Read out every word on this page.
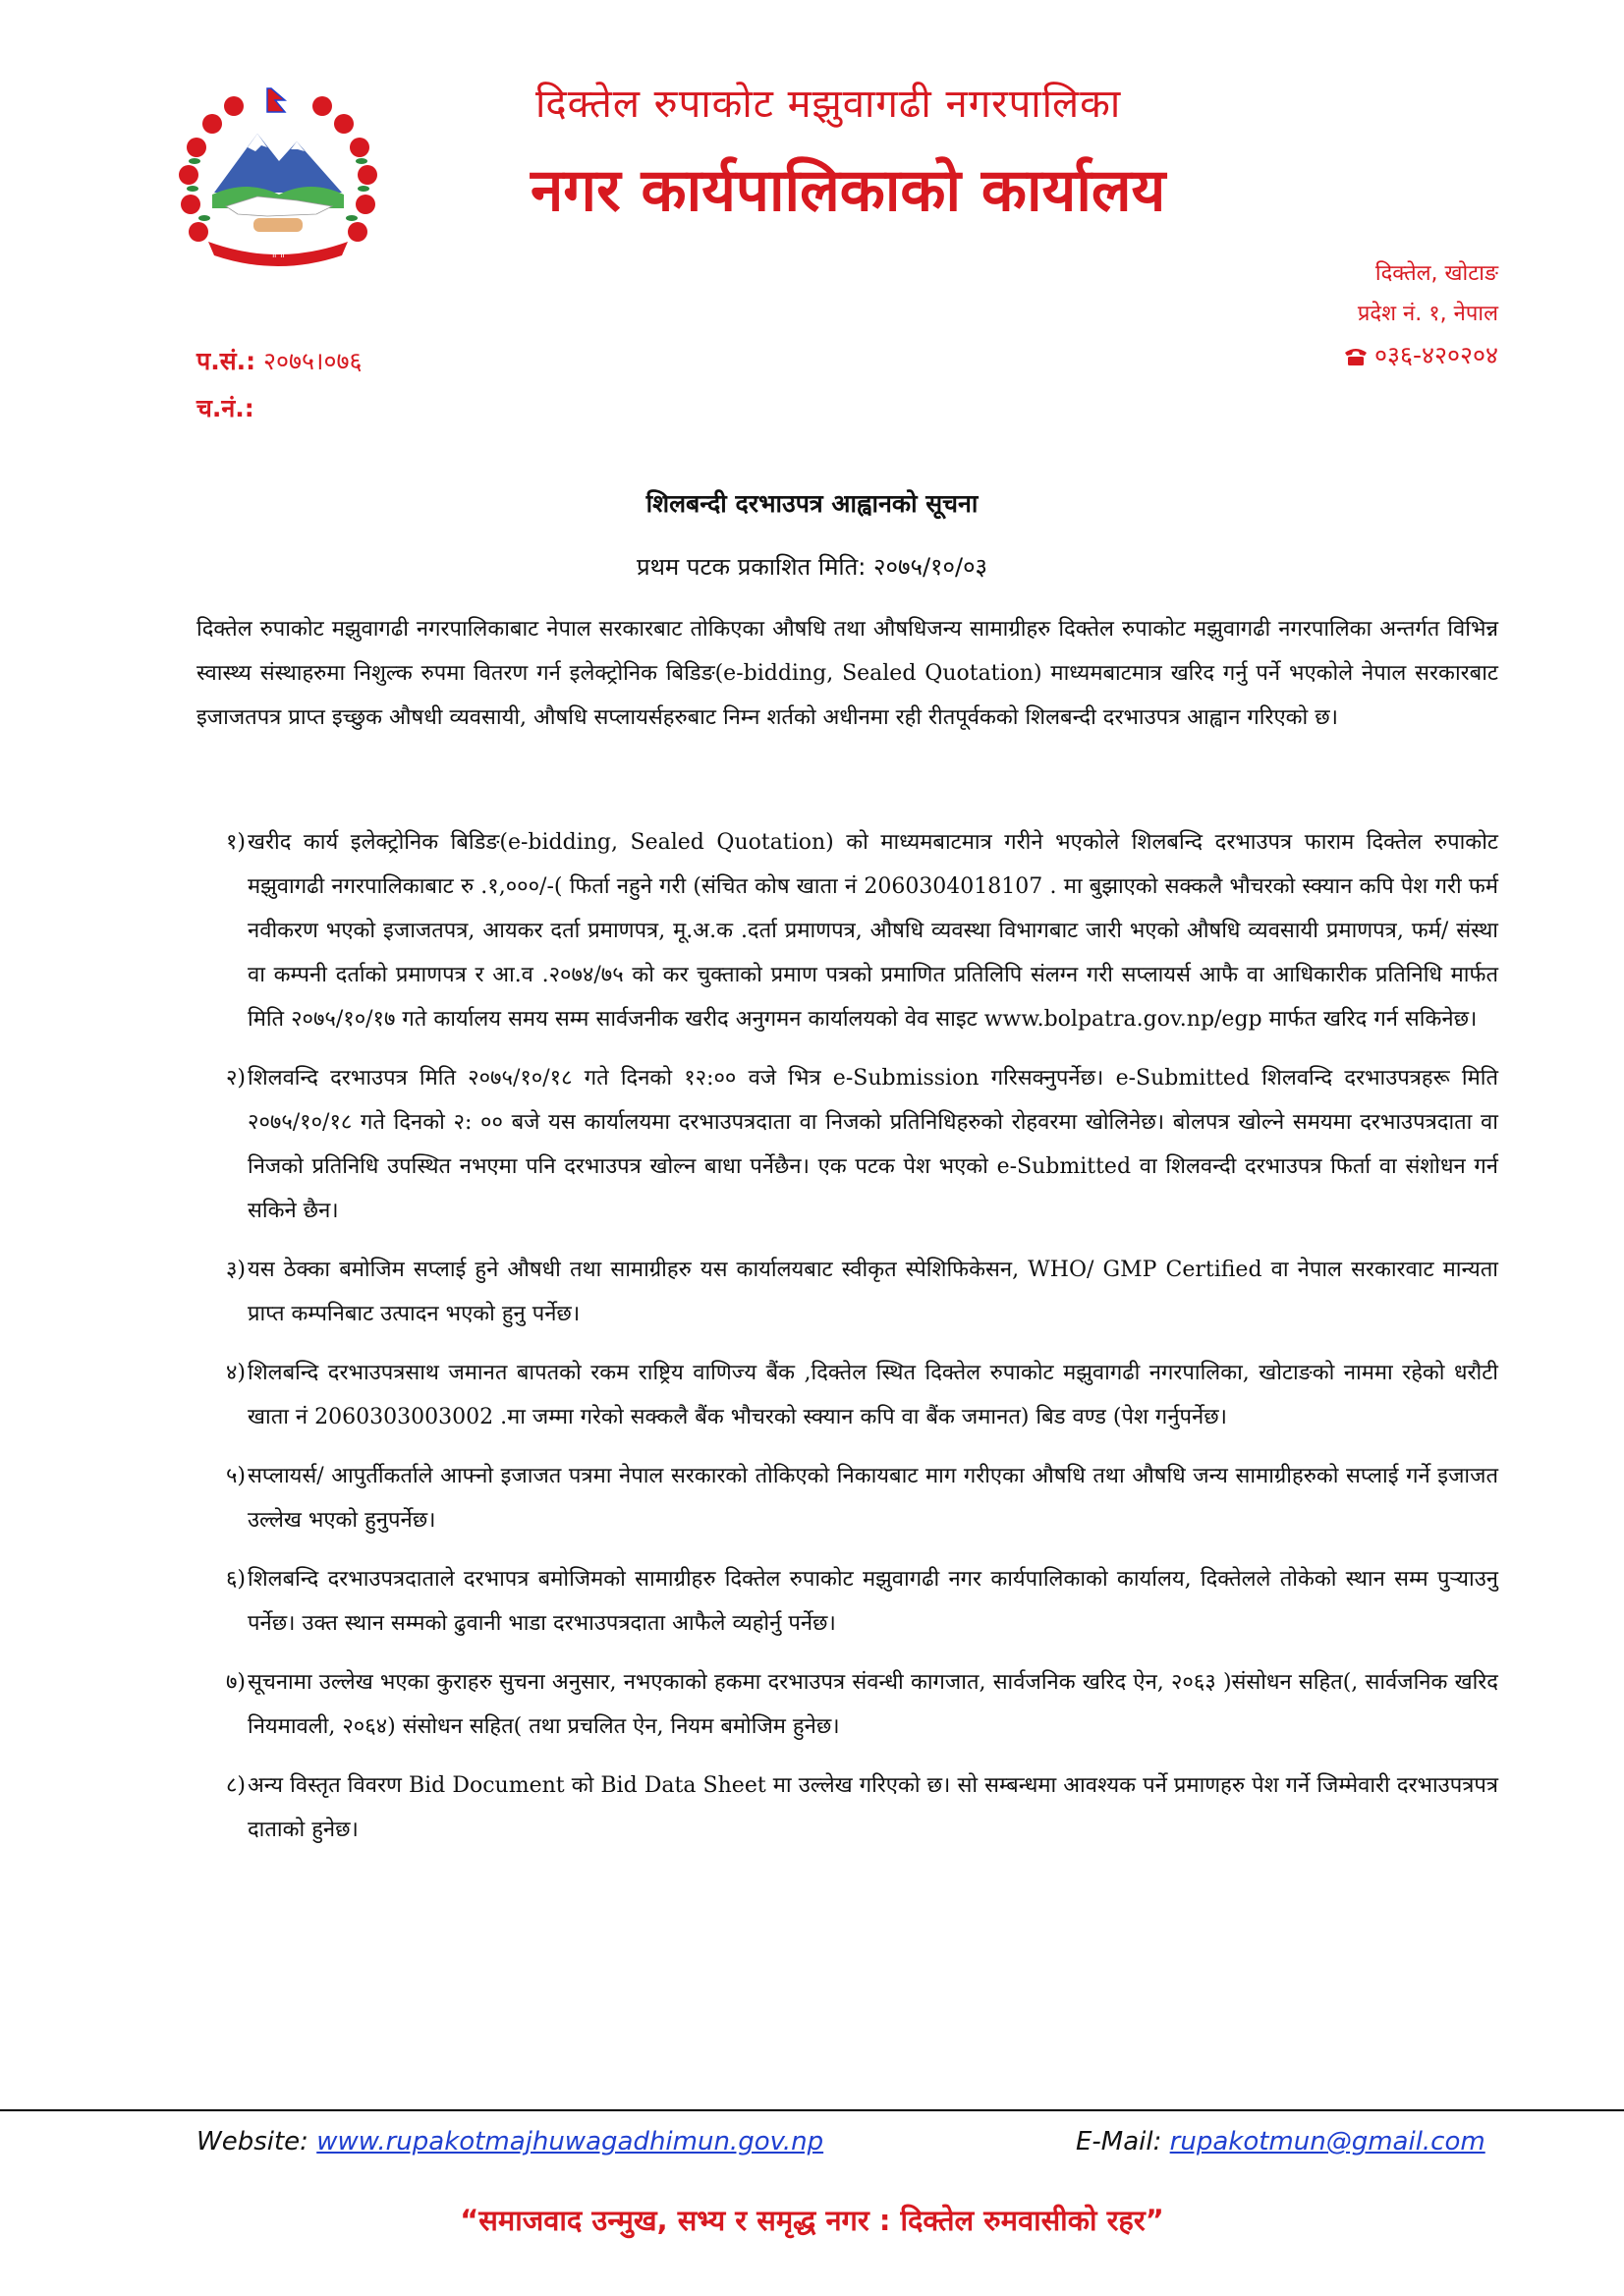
॥ ॥
दिक्तेल रुपाकोट मझुवागढी नगरपालिका
नगर कार्यपालिकाको कार्यालय
दिक्तेल, खोटाङ
प्रदेश नं. १, नेपाल
०३६-४२०२०४
प.सं.: २०७५।०७६
च.नं.:
शिलबन्दी दरभाउपत्र आह्वानको सूचना
प्रथम पटक प्रकाशित मिति: २०७५/१०/०३
दिक्तेल रुपाकोट मझुवागढी नगरपालिकाबाट नेपाल सरकारबाट तोकिएका औषधि तथा औषधिजन्य सामाग्रीहरु दिक्तेल रुपाकोट मझुवागढी नगरपालिका अन्तर्गत विभिन्न स्वास्थ्य संस्थाहरुमा निशुल्क रुपमा वितरण गर्न इलेक्ट्रोनिक बिडिङ(e-bidding, Sealed Quotation) माध्यमबाटमात्र खरिद गर्नु पर्ने भएकोले नेपाल सरकारबाट इजाजतपत्र प्राप्त इच्छुक औषधी व्यवसायी, औषधि सप्लायर्सहरुबाट निम्न शर्तको अधीनमा रही रीतपूर्वकको शिलबन्दी दरभाउपत्र आह्वान गरिएको छ।
१) खरीद कार्य इलेक्ट्रोनिक बिडिङ(e-bidding, Sealed Quotation) को माध्यमबाटमात्र गरीने भएकोले शिलबन्दि दरभाउपत्र फाराम दिक्तेल रुपाकोट मझुवागढी नगरपालिकाबाट रु .१,०००/-( फिर्ता नहुने गरी (संचित कोष खाता नं 2060304018107 . मा बुझाएको सक्कलै भौचरको स्क्यान कपि पेश गरी फर्म नवीकरण भएको इजाजतपत्र, आयकर दर्ता प्रमाणपत्र, मू.अ.क .दर्ता प्रमाणपत्र, औषधि व्यवस्था विभागबाट जारी भएको औषधि व्यवसायी प्रमाणपत्र, फर्म/ संस्था वा कम्पनी दर्ताको प्रमाणपत्र र आ.व .२०७४/७५ को कर चुक्ताको प्रमाण पत्रको प्रमाणित प्रतिलिपि संलग्न गरी सप्लायर्स आफै वा आधिकारीक प्रतिनिधि मार्फत मिति २०७५/१०/१७ गते कार्यालय समय सम्म सार्वजनीक खरीद अनुगमन कार्यालयको वेव साइट www.bolpatra.gov.np/egp मार्फत खरिद गर्न सकिनेछ।
२) शिलवन्दि दरभाउपत्र मिति २०७५/१०/१८ गते दिनको १२:०० वजे भित्र e-Submission गरिसक्नुपर्नेछ। e-Submitted शिलवन्दि दरभाउपत्रहरू मिति २०७५/१०/१८ गते दिनको २: ०० बजे यस कार्यालयमा दरभाउपत्रदाता वा निजको प्रतिनिधिहरुको रोहवरमा खोलिनेछ। बोलपत्र खोल्ने समयमा दरभाउपत्रदाता वा निजको प्रतिनिधि उपस्थित नभएमा पनि दरभाउपत्र खोल्न बाधा पर्नेछैन। एक पटक पेश भएको e-Submitted वा शिलवन्दी दरभाउपत्र फिर्ता वा संशोधन गर्न सकिने छैन।
३) यस ठेक्का बमोजिम सप्लाई हुने औषधी तथा सामाग्रीहरु यस कार्यालयबाट स्वीकृत स्पेशिफिकेसन, WHO/ GMP Certified वा नेपाल सरकारवाट मान्यता प्राप्त कम्पनिबाट उत्पादन भएको हुनु पर्नेछ।
४) शिलबन्दि दरभाउपत्रसाथ जमानत बापतको रकम राष्ट्रिय वाणिज्य बैंक ,दिक्तेल स्थित दिक्तेल रुपाकोट मझुवागढी नगरपालिका, खोटाङको नाममा रहेको धरौटी खाता नं 2060303003002 .मा जम्मा गरेको सक्कलै बैंक भौचरको स्क्यान कपि वा बैंक जमानत) बिड वण्ड (पेश गर्नुपर्नेछ।
५) सप्लायर्स/ आपुर्तीकर्ताले आफ्नो इजाजत पत्रमा नेपाल सरकारको तोकिएको निकायबाट माग गरीएका औषधि तथा औषधि जन्य सामाग्रीहरुको सप्लाई गर्ने इजाजत उल्लेख भएको हुनुपर्नेछ।
६) शिलबन्दि दरभाउपत्रदाताले दरभापत्र बमोजिमको सामाग्रीहरु दिक्तेल रुपाकोट मझुवागढी नगर कार्यपालिकाको कार्यालय, दिक्तेलले तोकेको स्थान सम्म पुऱ्याउनु पर्नेछ। उक्त स्थान सम्मको ढुवानी भाडा दरभाउपत्रदाता आफैले व्यहोर्नु पर्नेछ।
७) सूचनामा उल्लेख भएका कुराहरु सुचना अनुसार, नभएकाको हकमा दरभाउपत्र संवन्धी कागजात, सार्वजनिक खरिद ऐन, २०६३ )संसोधन सहित(, सार्वजनिक खरिद नियमावली, २०६४) संसोधन सहित( तथा प्रचलित ऐन, नियम बमोजिम हुनेछ।
८) अन्य विस्तृत विवरण Bid Document को Bid Data Sheet मा उल्लेख गरिएको छ। सो सम्बन्धमा आवश्यक पर्ने प्रमाणहरु पेश गर्ने जिम्मेवारी दरभाउपत्रपत्र दाताको हुनेछ।
Website: www.rupakotmajhuwagadhimun.gov.np	E-Mail: rupakotmun@gmail.com
“समाजवाद उन्मुख, सभ्य र समृद्ध नगर : दिक्तेल रुमवासीको रहर”
